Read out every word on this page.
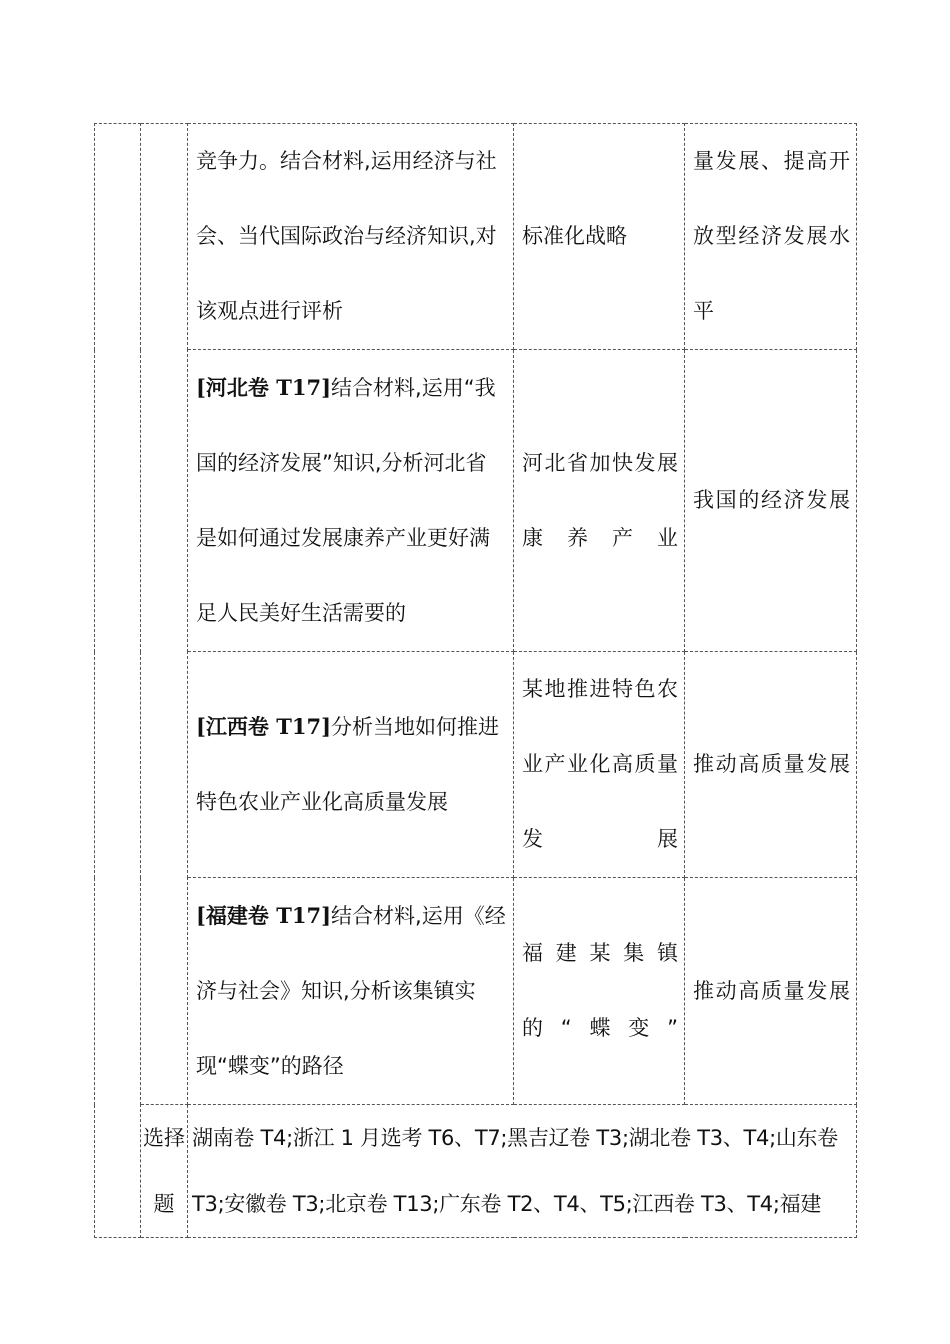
		竞争力。结合材料,运用经济与社会、当代国际政治与经济知识,对该观点进行评析	标准化战略	量发展、提高开放型经济发展水平
		[河北卷 T17]结合材料,运用“我国的经济发展”知识,分析河北省是如何通过发展康养产业更好满足人民美好生活需要的	河北省加快发展康养产业	我国的经济发展
		[江西卷 T17]分析当地如何推进特色农业产业化高质量发展	某地推进特色农业产业化高质量发展	推动高质量发展
		[福建卷 T17]结合材料,运用《经济与社会》知识,分析该集镇实现“蝶变”的路径	福建某集镇的“蝶变”	推动高质量发展
	选择题	湖南卷 T4;浙江 1 月选考 T6、T7;黑吉辽卷 T3;湖北卷 T3、T4;山东卷 T3;安徽卷 T3;北京卷 T13;广东卷 T2、T4、T5;江西卷 T3、T4;福建		
